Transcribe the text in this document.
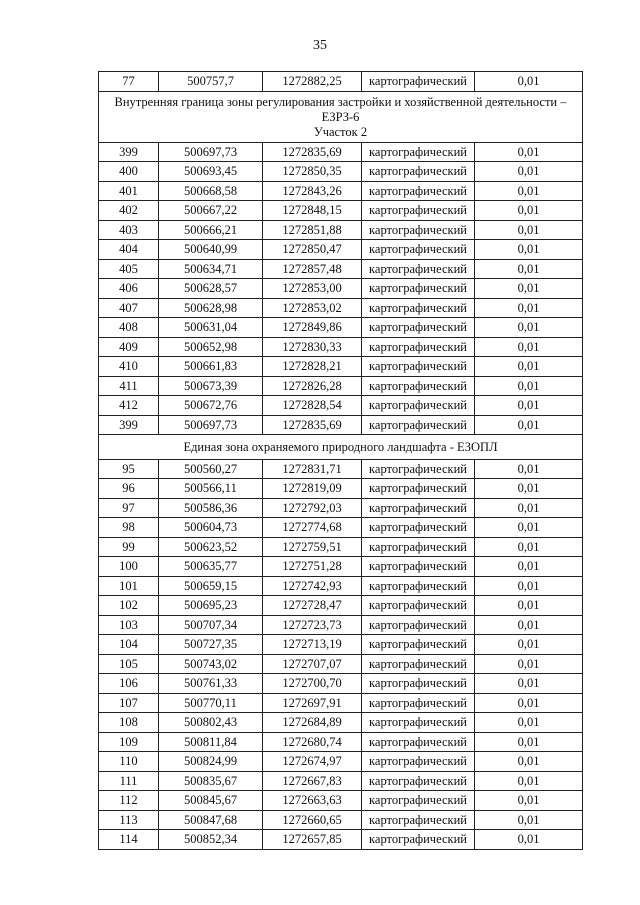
35
77	500757,7	1272882,25	картографический	0,01

Внутренняя граница зоны регулирования застройки и хозяйственной деятельности –
ЕЗРЗ-6
Участок 2				

399	500697,73	1272835,69	картографический	0,01
400	500693,45	1272850,35	картографический	0,01
401	500668,58	1272843,26	картографический	0,01
402	500667,22	1272848,15	картографический	0,01
403	500666,21	1272851,88	картографический	0,01
404	500640,99	1272850,47	картографический	0,01
405	500634,71	1272857,48	картографический	0,01
406	500628,57	1272853,00	картографический	0,01
407	500628,98	1272853,02	картографический	0,01
408	500631,04	1272849,86	картографический	0,01
409	500652,98	1272830,33	картографический	0,01
410	500661,83	1272828,21	картографический	0,01
411	500673,39	1272826,28	картографический	0,01
412	500672,76	1272828,54	картографический	0,01
399	500697,73	1272835,69	картографический	0,01
Единая зона охраняемого природного ландшафта - ЕЗОПЛ				
95	500560,27	1272831,71	картографический	0,01
96	500566,11	1272819,09	картографический	0,01
97	500586,36	1272792,03	картографический	0,01
98	500604,73	1272774,68	картографический	0,01
99	500623,52	1272759,51	картографический	0,01
100	500635,77	1272751,28	картографический	0,01
101	500659,15	1272742,93	картографический	0,01
102	500695,23	1272728,47	картографический	0,01
103	500707,34	1272723,73	картографический	0,01
104	500727,35	1272713,19	картографический	0,01
105	500743,02	1272707,07	картографический	0,01
106	500761,33	1272700,70	картографический	0,01
107	500770,11	1272697,91	картографический	0,01
108	500802,43	1272684,89	картографический	0,01
109	500811,84	1272680,74	картографический	0,01
110	500824,99	1272674,97	картографический	0,01
111	500835,67	1272667,83	картографический	0,01
112	500845,67	1272663,63	картографический	0,01
113	500847,68	1272660,65	картографический	0,01
114	500852,34	1272657,85	картографический	0,01
